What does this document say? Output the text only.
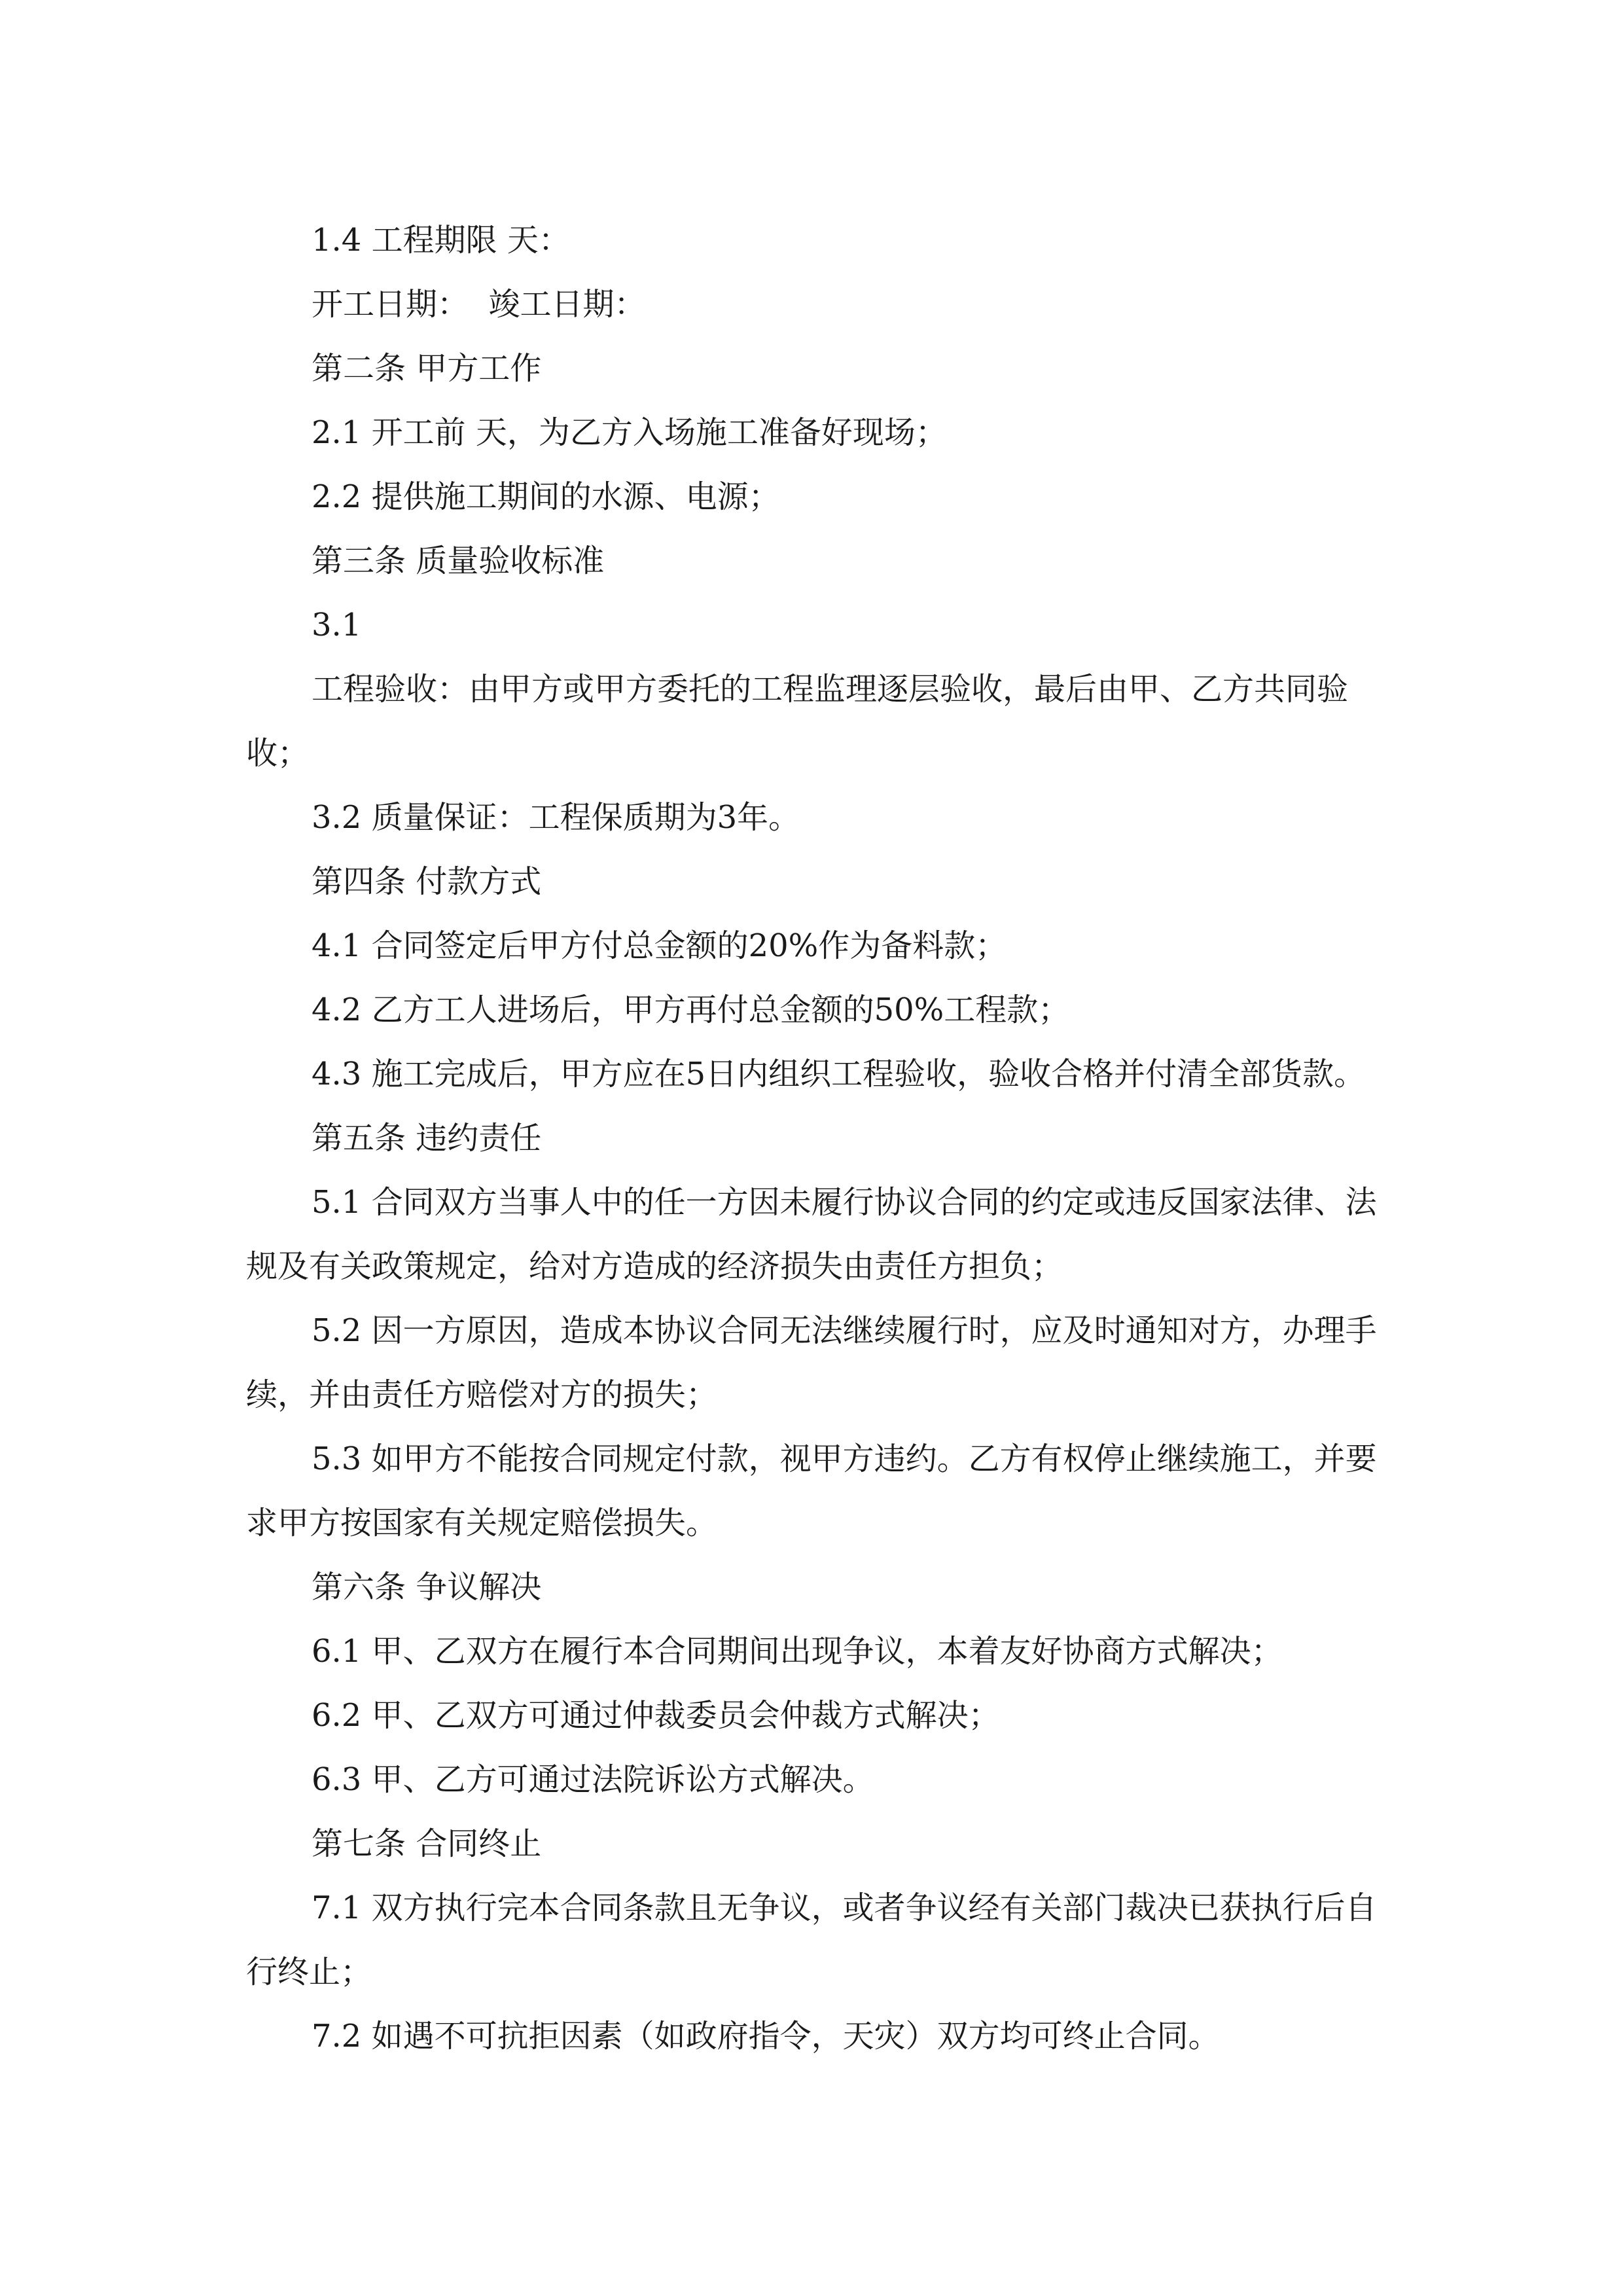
1.4 工程期限 天：

开工日期：  竣工日期：

第二条 甲方工作

2.1 开工前 天，为乙方入场施工准备好现场；

2.2 提供施工期间的水源、电源；

第三条 质量验收标准

3.1

工程验收：由甲方或甲方委托的工程监理逐层验收，最后由甲、乙方共同验收；

3.2 质量保证：工程保质期为3年。

第四条 付款方式

4.1 合同签定后甲方付总金额的20%作为备料款；

4.2 乙方工人进场后，甲方再付总金额的50%工程款；

4.3 施工完成后，甲方应在5日内组织工程验收，验收合格并付清全部货款。

第五条 违约责任

5.1 合同双方当事人中的任一方因未履行协议合同的约定或违反国家法律、法规及有关政策规定，给对方造成的经济损失由责任方担负；

5.2 因一方原因，造成本协议合同无法继续履行时，应及时通知对方，办理手续，并由责任方赔偿对方的损失；

5.3 如甲方不能按合同规定付款，视甲方违约。乙方有权停止继续施工，并要求甲方按国家有关规定赔偿损失。

第六条 争议解决

6.1 甲、乙双方在履行本合同期间出现争议，本着友好协商方式解决；

6.2 甲、乙双方可通过仲裁委员会仲裁方式解决；

6.3 甲、乙方可通过法院诉讼方式解决。

第七条 合同终止

7.1 双方执行完本合同条款且无争议，或者争议经有关部门裁决已获执行后自行终止；

7.2 如遇不可抗拒因素（如政府指令，天灾）双方均可终止合同。
